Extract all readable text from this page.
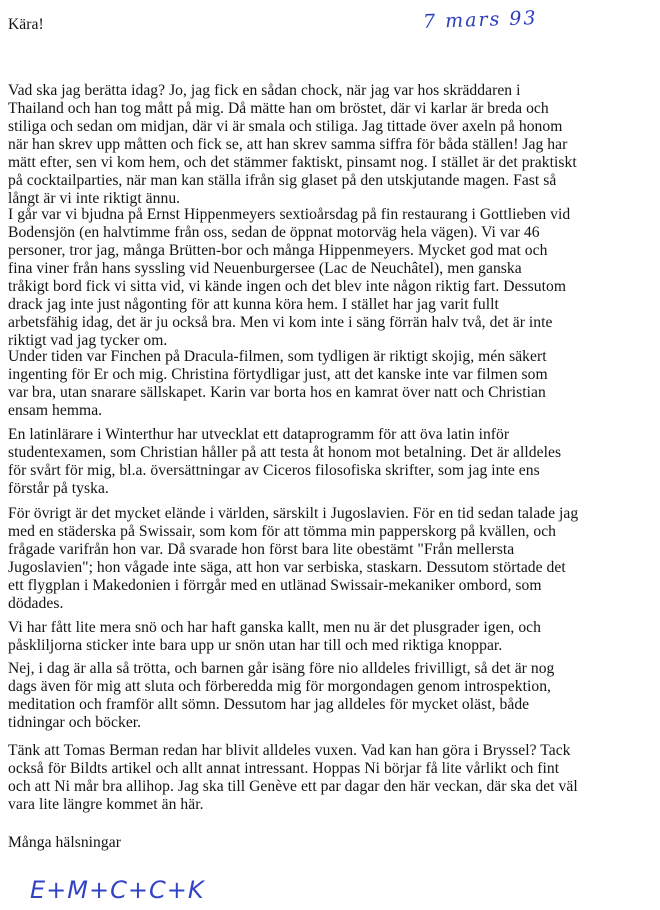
Kära!	7 mars 93
Vad ska jag berätta idag? Jo, jag fick en sådan chock, när jag var hos skräddaren i
Thailand och han tog mått på mig. Då mätte han om bröstet, där vi karlar är breda och
stiliga och sedan om midjan, där vi är smala och stiliga. Jag tittade över axeln på honom
när han skrev upp måtten och fick se, att han skrev samma siffra för båda ställen! Jag har
mätt efter, sen vi kom hem, och det stämmer faktiskt, pinsamt nog. I stället är det praktiskt
på cocktailparties, när man kan ställa ifrån sig glaset på den utskjutande magen. Fast så
långt är vi inte riktigt ännu.
I går var vi bjudna på Ernst Hippenmeyers sextioårsdag på fin restaurang i Gottlieben vid
Bodensjön (en halvtimme från oss, sedan de öppnat motorväg hela vägen). Vi var 46
personer, tror jag, många Brütten-bor och många Hippenmeyers. Mycket god mat och
fina viner från hans syssling vid Neuenburgersee (Lac de Neuchâtel), men ganska
tråkigt bord fick vi sitta vid, vi kände ingen och det blev inte någon riktig fart. Dessutom
drack jag inte just någonting för att kunna köra hem. I stället har jag varit fullt
arbetsfähig idag, det är ju också bra. Men vi kom inte i säng förrän halv två, det är inte
riktigt vad jag tycker om.
Under tiden var Finchen på Dracula-filmen, som tydligen är riktigt skojig, mén säkert
ingenting för Er och mig. Christina förtydligar just, att det kanske inte var filmen som
var bra, utan snarare sällskapet. Karin var borta hos en kamrat över natt och Christian
ensam hemma.
En latinlärare i Winterthur har utvecklat ett dataprogramm för att öva latin inför
studentexamen, som Christian håller på att testa åt honom mot betalning. Det är alldeles
för svårt för mig, bl.a. översättningar av Ciceros filosofiska skrifter, som jag inte ens
förstår på tyska.
För övrigt är det mycket elände i världen, särskilt i Jugoslavien. För en tid sedan talade jag
med en städerska på Swissair, som kom för att tömma min papperskorg på kvällen, och
frågade varifrån hon var. Då svarade hon först bara lite obestämt "Från mellersta
Jugoslavien"; hon vågade inte säga, att hon var serbiska, staskarn. Dessutom störtade det
ett flygplan i Makedonien i förrgår med en utlänad Swissair-mekaniker ombord, som
dödades.
Vi har fått lite mera snö och har haft ganska kallt, men nu är det plusgrader igen, och
påskliljorna sticker inte bara upp ur snön utan har till och med riktiga knoppar.
Nej, i dag är alla så trötta, och barnen går isäng före nio alldeles frivilligt, så det är nog
dags även för mig att sluta och förberedda mig för morgondagen genom introspektion,
meditation och framför allt sömn. Dessutom har jag alldeles för mycket oläst, både
tidningar och böcker.
Tänk att Tomas Berman redan har blivit alldeles vuxen. Vad kan han göra i Bryssel? Tack
också för Bildts artikel och allt annat intressant. Hoppas Ni börjar få lite vårlikt och fint
och att Ni mår bra allihop. Jag ska till Genève ett par dagar den här veckan, där ska det väl
vara lite längre kommet än här.
Många hälsningar
E+M+C+C+K
